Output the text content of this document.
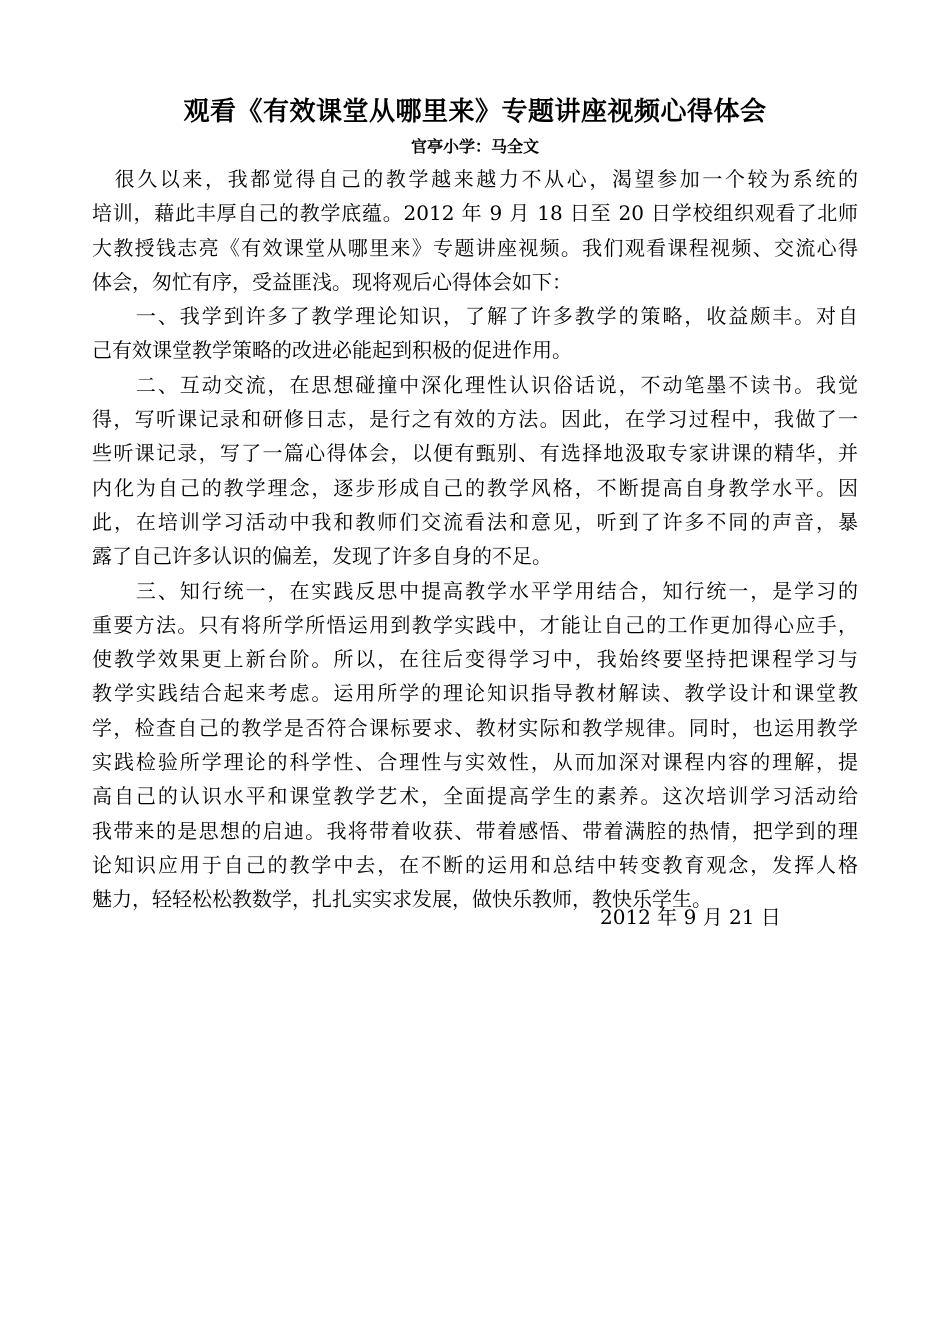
观看《有效课堂从哪里来》专题讲座视频心得体会
官亭小学：马全文
　很久以来，我都觉得自己的教学越来越力不从心，渴望参加一个较为系统的
培训，藉此丰厚自己的教学底蕴。2012 年 9 月 18 日至 20 日学校组织观看了北师
大教授钱志亮《有效课堂从哪里来》专题讲座视频。我们观看课程视频、交流心得
体会，匆忙有序，受益匪浅。现将观后心得体会如下：
　　一、我学到许多了教学理论知识，了解了许多教学的策略，收益颇丰。对自
己有效课堂教学策略的改进必能起到积极的促进作用。
　　二、互动交流，在思想碰撞中深化理性认识俗话说，不动笔墨不读书。我觉
得，写听课记录和研修日志，是行之有效的方法。因此，在学习过程中，我做了一
些听课记录，写了一篇心得体会，以便有甄别、有选择地汲取专家讲课的精华，并
内化为自己的教学理念，逐步形成自己的教学风格，不断提高自身教学水平。因
此，在培训学习活动中我和教师们交流看法和意见，听到了许多不同的声音，暴
露了自己许多认识的偏差，发现了许多自身的不足。
　　三、知行统一，在实践反思中提高教学水平学用结合，知行统一，是学习的
重要方法。只有将所学所悟运用到教学实践中，才能让自己的工作更加得心应手，
使教学效果更上新台阶。所以，在往后变得学习中，我始终要坚持把课程学习与
教学实践结合起来考虑。运用所学的理论知识指导教材解读、教学设计和课堂教
学，检查自己的教学是否符合课标要求、教材实际和教学规律。同时，也运用教学
实践检验所学理论的科学性、合理性与实效性，从而加深对课程内容的理解，提
高自己的认识水平和课堂教学艺术，全面提高学生的素养。这次培训学习活动给
我带来的是思想的启迪。我将带着收获、带着感悟、带着满腔的热情，把学到的理
论知识应用于自己的教学中去，在不断的运用和总结中转变教育观念，发挥人格
魅力，轻轻松松教数学，扎扎实实求发展，做快乐教师，教快乐学生。
2012 年 9 月 21 日
